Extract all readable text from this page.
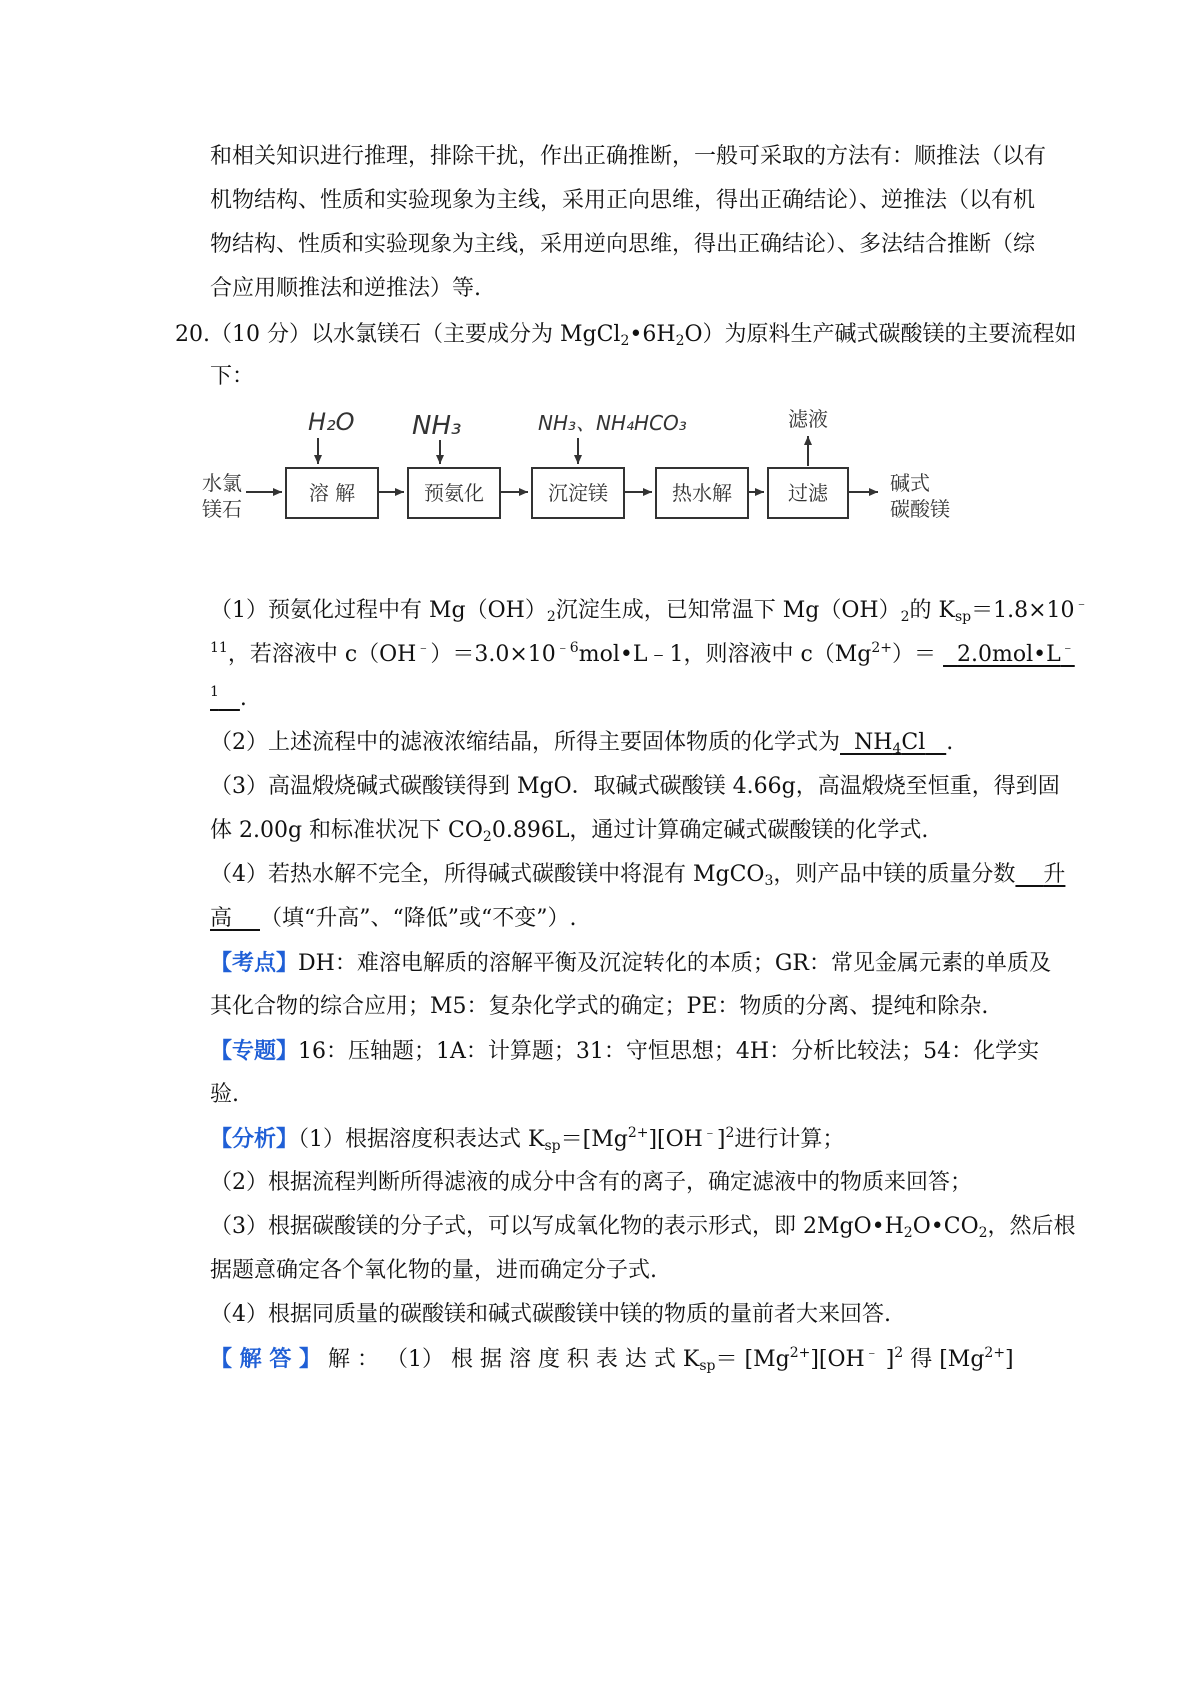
和相关知识进行推理，排除干扰，作出正确推断，一般可采取的方法有：顺推法（以有
机物结构、性质和实验现象为主线，采用正向思维，得出正确结论）、逆推法（以有机
物结构、性质和实验现象为主线，采用逆向思维，得出正确结论）、多法结合推断（综
合应用顺推法和逆推法）等.
20.（10 分）以水氯镁石（主要成分为 $MgCl_2•6H_2O$）为原料生产碱式碳酸镁的主要流程如
下：
水氯
镁石
溶 解	预氨化	沉淀镁	热水解	过滤	碱式
碳酸镁
H₂O NH₃	NH₃、NH₄HCO₃	滤液
（1）预氨化过程中有 $Mg(OH)_2$沉淀生成，已知常温下 $Mg(OH)_2$的 $K_{sp}=1.8\times 10^﹣$
$^{11}$，若溶液中 $c(OH^﹣)=3.0\times 10^{﹣6}mol•L﹣1$，则溶液中 $c(Mg^{2+})=$ 2.0mol•L﹣
$^1$ .
（2）上述流程中的滤液浓缩结晶，所得主要固体物质的化学式为 $NH_4Cl$ .
（3）高温煅烧碱式碳酸镁得到 MgO．取碱式碳酸镁 4.66g，高温煅烧至恒重，得到固
体 2.00g 和标准状况下 $CO_20.896L$，通过计算确定碱式碳酸镁的化学式.
（4）若热水解不完全，所得碱式碳酸镁中将混有 MgCO$_3$，则产品中镁的质量分数 升
高 （填“升高”、“降低”或“不变”）.
【考点】DH：难溶电解质的溶解平衡及沉淀转化的本质；GR：常见金属元素的单质及
其化合物的综合应用；M5：复杂化学式的确定；PE：物质的分离、提纯和除杂.
【专题】16：压轴题；1A：计算题；31：守恒思想；4H：分析比较法；54：化学实
验.
【分析】（1）根据溶度积表达式 $K_{sp}=[Mg^{2+}][OH^﹣]^2$进行计算；
（2）根据流程判断所得滤液的成分中含有的离子，确定滤液中的物质来回答；
（3）根据碳酸镁的分子式，可以写成氧化物的表示形式，即 $2MgO•H_2O•CO_2$，然后根
据题意确定各个氧化物的量，进而确定分子式.
（4）根据同质量的碳酸镁和碱式碳酸镁中镁的物质的量前者大来回答.
【 解 答 】 解 ： （1） 根 据 溶 度 积 表 达 式 $K_{sp}= [Mg^{2+}][OH^﹣$ ]$^2$ 得 $[Mg^{2+}]$
